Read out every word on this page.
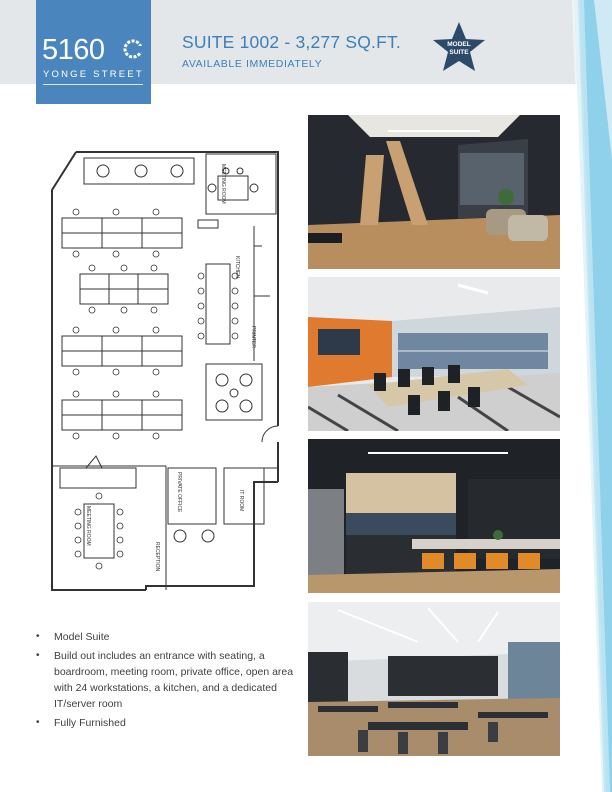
5160
YONGE STREET
SUITE 1002 - 3,277 SQ.FT.
AVAILABLE IMMEDIATELY
MODEL
SUITE
MEETING ROOM
KITCHEN
PRINTER
PRIVATE OFFICE	IT ROOM
MEETING ROOM
RECEPTION
• Model Suite
• Build out includes an entrance with seating, a boardroom, meeting room, private office, open area with 24 workstations, a kitchen, and a dedicated IT/server room
• Fully Furnished
